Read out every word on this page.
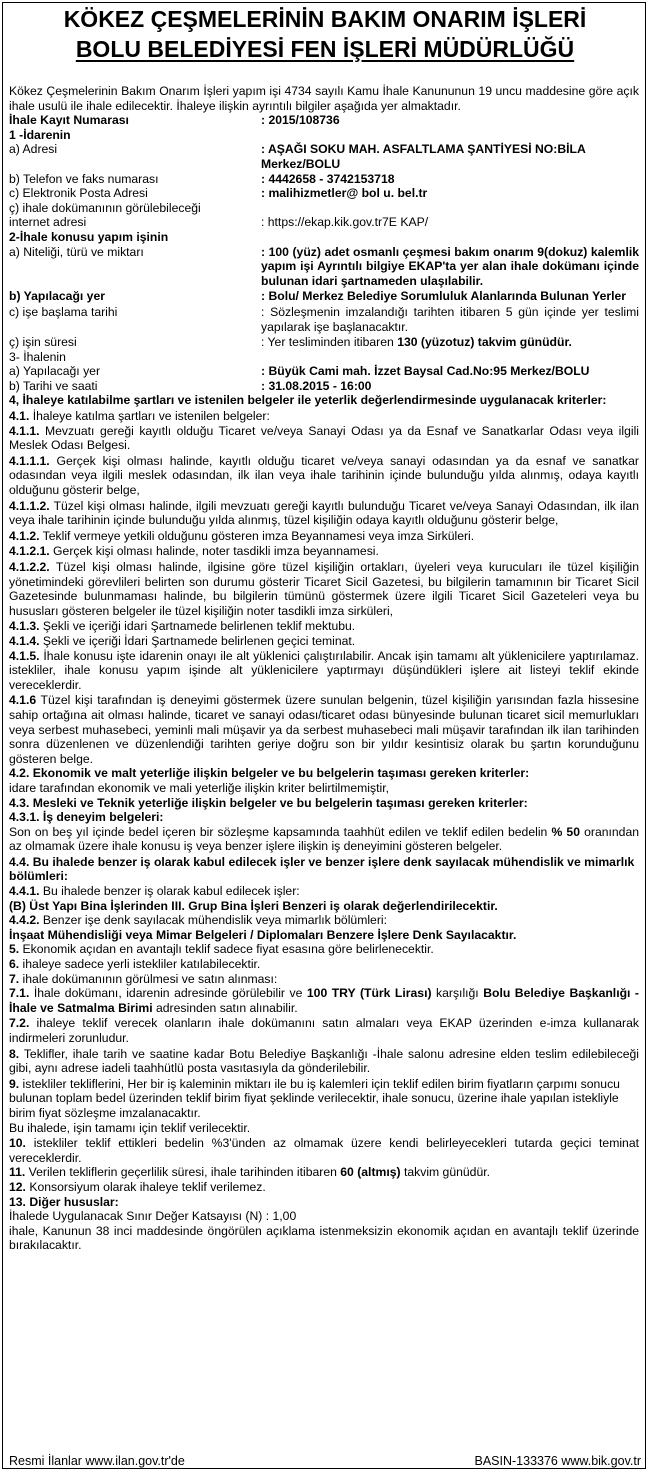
KÖKEZ ÇEŞMELERİNİN BAKIM ONARIM İŞLERİ
BOLU BELEDİYESİ FEN İŞLERİ MÜDÜRLÜĞÜ

Kökez Çeşmelerinin Bakım Onarım İşleri yapım işi 4734 sayılı Kamu İhale Kanununun 19 uncu maddesine göre açık ihale usulü ile ihale edilecektir. İhaleye ilişkin ayrıntılı bilgiler aşağıda yer almaktadır.

İhale Kayıt Numarası	: 2015/108736

1 -İdarenin

a) Adresi	: AŞAĞI SOKU MAH. ASFALTLAMA ŞANTİYESİ NO:BİLA Merkez/BOLU
b) Telefon ve faks numarası	: 4442658 - 3742153718
c) Elektronik Posta Adresi	: malihizmetler@ bol u. bel.tr
ç) ihale dokümanının görülebileceği
internet adresi	: https://ekap.kik.gov.tr7E KAP/

2-İhale konusu yapım işinin

a) Niteliği, türü ve miktarı	: 100 (yüz) adet osmanlı çeşmesi bakım onarım 9(dokuz) kalemlik yapım işi Ayrıntılı bilgiye EKAP'ta yer alan ihale dokümanı içinde bulunan idari şartnameden ulaşılabilir.
b) Yapılacağı yer	: Bolu/ Merkez Belediye Sorumluluk Alanlarında Bulunan Yerler
c) işe başlama tarihi	: Sözleşmenin imzalandığı tarihten itibaren 5 gün içinde yer teslimi yapılarak işe başlanacaktır.
ç) işin süresi	: Yer tesliminden itibaren 130 (yüzotuz) takvim günüdür.

3- İhalenin

a) Yapılacağı yer	: Büyük Cami mah. İzzet Baysal Cad.No:95 Merkez/BOLU
b) Tarihi ve saati	: 31.08.2015 - 16:00

4, İhaleye katılabilme şartları ve istenilen belgeler ile yeterlik değerlendirmesinde uygulanacak kriterler:

4.1. İhaleye katılma şartları ve istenilen belgeler:

4.1.1. Mevzuatı gereği kayıtlı olduğu Ticaret ve/veya Sanayi Odası ya da Esnaf ve Sanatkarlar Odası veya ilgili Meslek Odası Belgesi.

4.1.1.1. Gerçek kişi olması halinde, kayıtlı olduğu ticaret ve/veya sanayi odasından ya da esnaf ve sanatkar odasından veya ilgili meslek odasından, ilk ilan veya ihale tarihinin içinde bulunduğu yılda alınmış, odaya kayıtlı olduğunu gösterir belge,

4.1.1.2. Tüzel kişi olması halinde, ilgili mevzuatı gereği kayıtlı bulunduğu Ticaret ve/veya Sanayi Odasından, ilk ilan veya ihale tarihinin içinde bulunduğu yılda alınmış, tüzel kişiliğin odaya kayıtlı olduğunu gösterir belge,

4.1.2. Teklif vermeye yetkili olduğunu gösteren imza Beyannamesi veya imza Sirküleri.

4.1.2.1. Gerçek kişi olması halinde, noter tasdikli imza beyannamesi.

4.1.2.2. Tüzel kişi olması halinde, ilgisine göre tüzel kişiliğin ortakları, üyeleri veya kurucuları ile tüzel kişiliğin yönetimindeki görevlileri belirten son durumu gösterir Ticaret Sicil Gazetesi, bu bilgilerin tamamının bir Ticaret Sicil Gazetesinde bulunmaması halinde, bu bilgilerin tümünü göstermek üzere ilgili Ticaret Sicil Gazeteleri veya bu hususları gösteren belgeler ile tüzel kişiliğin noter tasdikli imza sirküleri,

4.1.3. Şekli ve içeriği idari Şartnamede belirlenen teklif mektubu.

4.1.4. Şekli ve içeriği İdari Şartnamede belirlenen geçici teminat.

4.1.5. İhale konusu işte idarenin onayı ile alt yüklenici çalıştırılabilir. Ancak işin tamamı alt yüklenicilere yaptırılamaz. istekliler, ihale konusu yapım işinde alt yüklenicilere yaptırmayı düşündükleri işlere ait listeyi teklif ekinde vereceklerdir.

4.1.6 Tüzel kişi tarafından iş deneyimi göstermek üzere sunulan belgenin, tüzel kişiliğin yarısından fazla hissesine sahip ortağına ait olması halinde, ticaret ve sanayi odası/ticaret odası bünyesinde bulunan ticaret sicil memurlukları veya serbest muhasebeci, yeminli mali müşavir ya da serbest muhasebeci mali müşavir tarafından ilk ilan tarihinden sonra düzenlenen ve düzenlendiği tarihten geriye doğru son bir yıldır kesintisiz olarak bu şartın korunduğunu gösteren belge.

4.2. Ekonomik ve malt yeterliğe ilişkin belgeler ve bu belgelerin taşıması gereken kriterler:

idare tarafından ekonomik ve mali yeterliğe ilişkin kriter belirtilmemiştir,

4.3. Mesleki ve Teknik yeterliğe ilişkin belgeler ve bu belgelerin taşıması gereken kriterler:

4.3.1. İş deneyim belgeleri:

Son on beş yıl içinde bedel içeren bir sözleşme kapsamında taahhüt edilen ve teklif edilen bedelin % 50 oranından az olmamak üzere ihale konusu iş veya benzer işlere ilişkin iş deneyimini gösteren belgeler.

4.4. Bu ihalede benzer iş olarak kabul edilecek işler ve benzer işlere denk sayılacak mühendislik ve mimarlık bölümleri:

4.4.1. Bu ihalede benzer iş olarak kabul edilecek işler:

(B) Üst Yapı Bina İşlerinden III. Grup Bina İşleri Benzeri iş olarak değerlendirilecektir.

4.4.2. Benzer işe denk sayılacak mühendislik veya mimarlık bölümleri:

İnşaat Mühendisliği veya Mimar Belgeleri / Diplomaları Benzere İşlere Denk Sayılacaktır.

5. Ekonomik açıdan en avantajlı teklif sadece fiyat esasına göre belirlenecektir.

6. ihaleye sadece yerli istekliler katılabilecektir.

7. ihale dokümanının görülmesi ve satın alınması:

7.1. İhale dokümanı, idarenin adresinde görülebilir ve 100 TRY (Türk Lirası) karşılığı Bolu Belediye Başkanlığı - İhale ve Satmalma Birimi adresinden satın alınabilir.

7.2. ihaleye teklif verecek olanların ihale dokümanını satın almaları veya EKAP üzerinden e-imza kullanarak indirmeleri zorunludur.

8. Teklifler, ihale tarih ve saatine kadar Botu Belediye Başkanlığı -İhale salonu adresine elden teslim edilebileceği gibi, aynı adrese iadeli taahhütlü posta vasıtasıyla da gönderilebilir.

9. istekliler tekliflerini, Her bir iş kaleminin miktarı ile bu iş kalemleri için teklif edilen birim fiyatların çarpımı sonucu bulunan toplam bedel üzerinden teklif birim fiyat şeklinde verilecektir, ihale sonucu, üzerine ihale yapılan istekliyle birim fiyat sözleşme imzalanacaktır.

Bu ihalede, işin tamamı için teklif verilecektir.

10. istekliler teklif ettikleri bedelin %3'ünden az olmamak üzere kendi belirleyecekleri tutarda geçici teminat vereceklerdir.

11. Verilen tekliflerin geçerlilik süresi, ihale tarihinden itibaren 60 (altmış) takvim günüdür.

12. Konsorsiyum olarak ihaleye teklif verilemez.

13. Diğer hususlar:

İhalede Uygulanacak Sınır Değer Katsayısı (N) : 1,00

ihale, Kanunun 38 inci maddesinde öngörülen açıklama istenmeksizin ekonomik açıdan en avantajlı teklif üzerinde bırakılacaktır.

Resmi İlanlar www.ilan.gov.tr'de	BASIN-133376 www.bik.gov.tr
